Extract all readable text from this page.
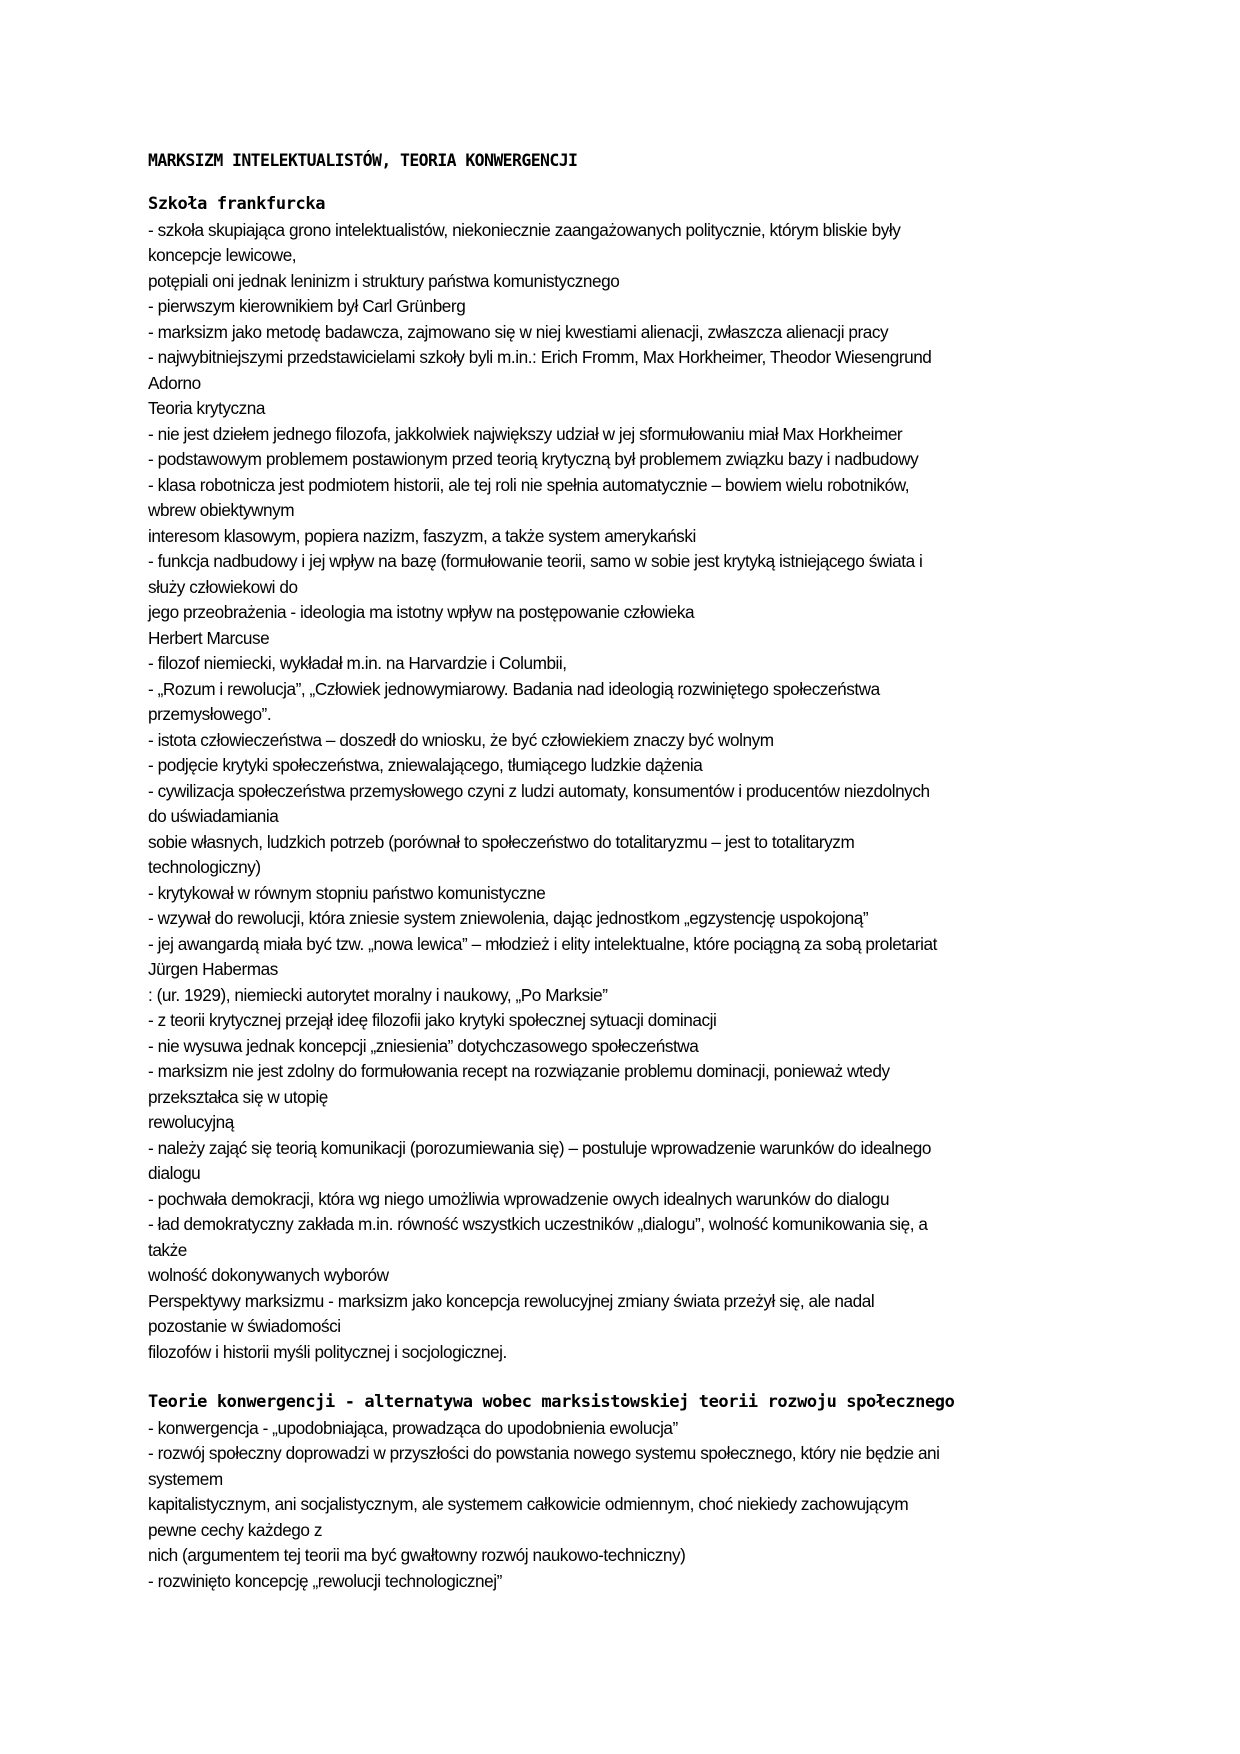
MARKSIZM INTELEKTUALISTÓW, TEORIA KONWERGENCJI
Szkoła frankfurcka
- szkoła skupiająca grono intelektualistów, niekoniecznie zaangażowanych politycznie, którym bliskie były
koncepcje lewicowe,
potępiali oni jednak leninizm i struktury państwa komunistycznego
- pierwszym kierownikiem był Carl Grünberg
- marksizm jako metodę badawcza, zajmowano się w niej kwestiami alienacji, zwłaszcza alienacji pracy
- najwybitniejszymi przedstawicielami szkoły byli m.in.: Erich Fromm, Max Horkheimer, Theodor Wiesengrund
Adorno
Teoria krytyczna
- nie jest dziełem jednego filozofa, jakkolwiek największy udział w jej sformułowaniu miał Max Horkheimer
- podstawowym problemem postawionym przed teorią krytyczną był problemem związku bazy i nadbudowy
- klasa robotnicza jest podmiotem historii, ale tej roli nie spełnia automatycznie – bowiem wielu robotników,
wbrew obiektywnym
interesom klasowym, popiera nazizm, faszyzm, a także system amerykański
- funkcja nadbudowy i jej wpływ na bazę (formułowanie teorii, samo w sobie jest krytyką istniejącego świata i
służy człowiekowi do
jego przeobrażenia - ideologia ma istotny wpływ na postępowanie człowieka
Herbert Marcuse
- filozof niemiecki, wykładał m.in. na Harvardzie i Columbii,
- „Rozum i rewolucja”, „Człowiek jednowymiarowy. Badania nad ideologią rozwiniętego społeczeństwa
przemysłowego”.
- istota człowieczeństwa – doszedł do wniosku, że być człowiekiem znaczy być wolnym
- podjęcie krytyki społeczeństwa, zniewalającego, tłumiącego ludzkie dążenia
- cywilizacja społeczeństwa przemysłowego czyni z ludzi automaty, konsumentów i producentów niezdolnych
do uświadamiania
sobie własnych, ludzkich potrzeb (porównał to społeczeństwo do totalitaryzmu – jest to totalitaryzm
technologiczny)
- krytykował w równym stopniu państwo komunistyczne
- wzywał do rewolucji, która zniesie system zniewolenia, dając jednostkom „egzystencję uspokojoną”
- jej awangardą miała być tzw. „nowa lewica” – młodzież i elity intelektualne, które pociągną za sobą proletariat
Jürgen Habermas
: (ur. 1929), niemiecki autorytet moralny i naukowy, „Po Marksie”
- z teorii krytycznej przejął ideę filozofii jako krytyki społecznej sytuacji dominacji
- nie wysuwa jednak koncepcji „zniesienia” dotychczasowego społeczeństwa
- marksizm nie jest zdolny do formułowania recept na rozwiązanie problemu dominacji, ponieważ wtedy
przekształca się w utopię
rewolucyjną
- należy zająć się teorią komunikacji (porozumiewania się) – postuluje wprowadzenie warunków do idealnego
dialogu
- pochwała demokracji, która wg niego umożliwia wprowadzenie owych idealnych warunków do dialogu
- ład demokratyczny zakłada m.in. równość wszystkich uczestników „dialogu”, wolność komunikowania się, a
także
wolność dokonywanych wyborów
Perspektywy marksizmu - marksizm jako koncepcja rewolucyjnej zmiany świata przeżył się, ale nadal
pozostanie w świadomości
filozofów i historii myśli politycznej i socjologicznej.
Teorie konwergencji - alternatywa wobec marksistowskiej teorii rozwoju społecznego
- konwergencja - „upodobniająca, prowadząca do upodobnienia ewolucja”
- rozwój społeczny doprowadzi w przyszłości do powstania nowego systemu społecznego, który nie będzie ani
systemem
kapitalistycznym, ani socjalistycznym, ale systemem całkowicie odmiennym, choć niekiedy zachowującym
pewne cechy każdego z
nich (argumentem tej teorii ma być gwałtowny rozwój naukowo-techniczny)
- rozwinięto koncepcję „rewolucji technologicznej”
